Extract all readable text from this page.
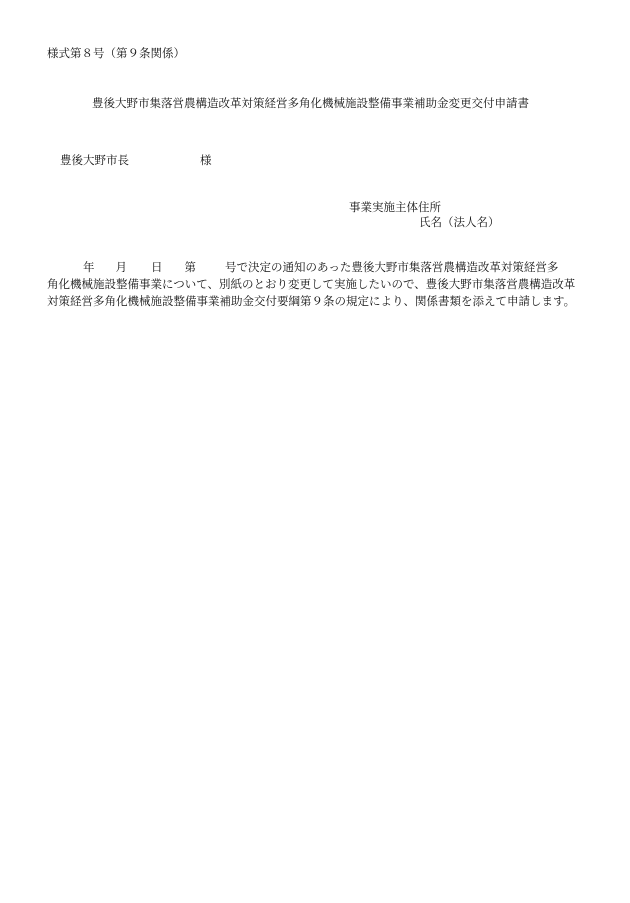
様式第８号（第９条関係）
豊後大野市集落営農構造改革対策経営多角化機械施設整備事業補助金変更交付申請書
豊後大野市長	様
事業実施主体住所
氏名（法人名）
年 月 日 第	号で決定の通知のあった豊後大野市集落営農構造改革対策経営多
角化機械施設整備事業について、別紙のとおり変更して実施したいので、豊後大野市集落営農構造改革
対策経営多角化機械施設整備事業補助金交付要綱第９条の規定により、関係書類を添えて申請します。
